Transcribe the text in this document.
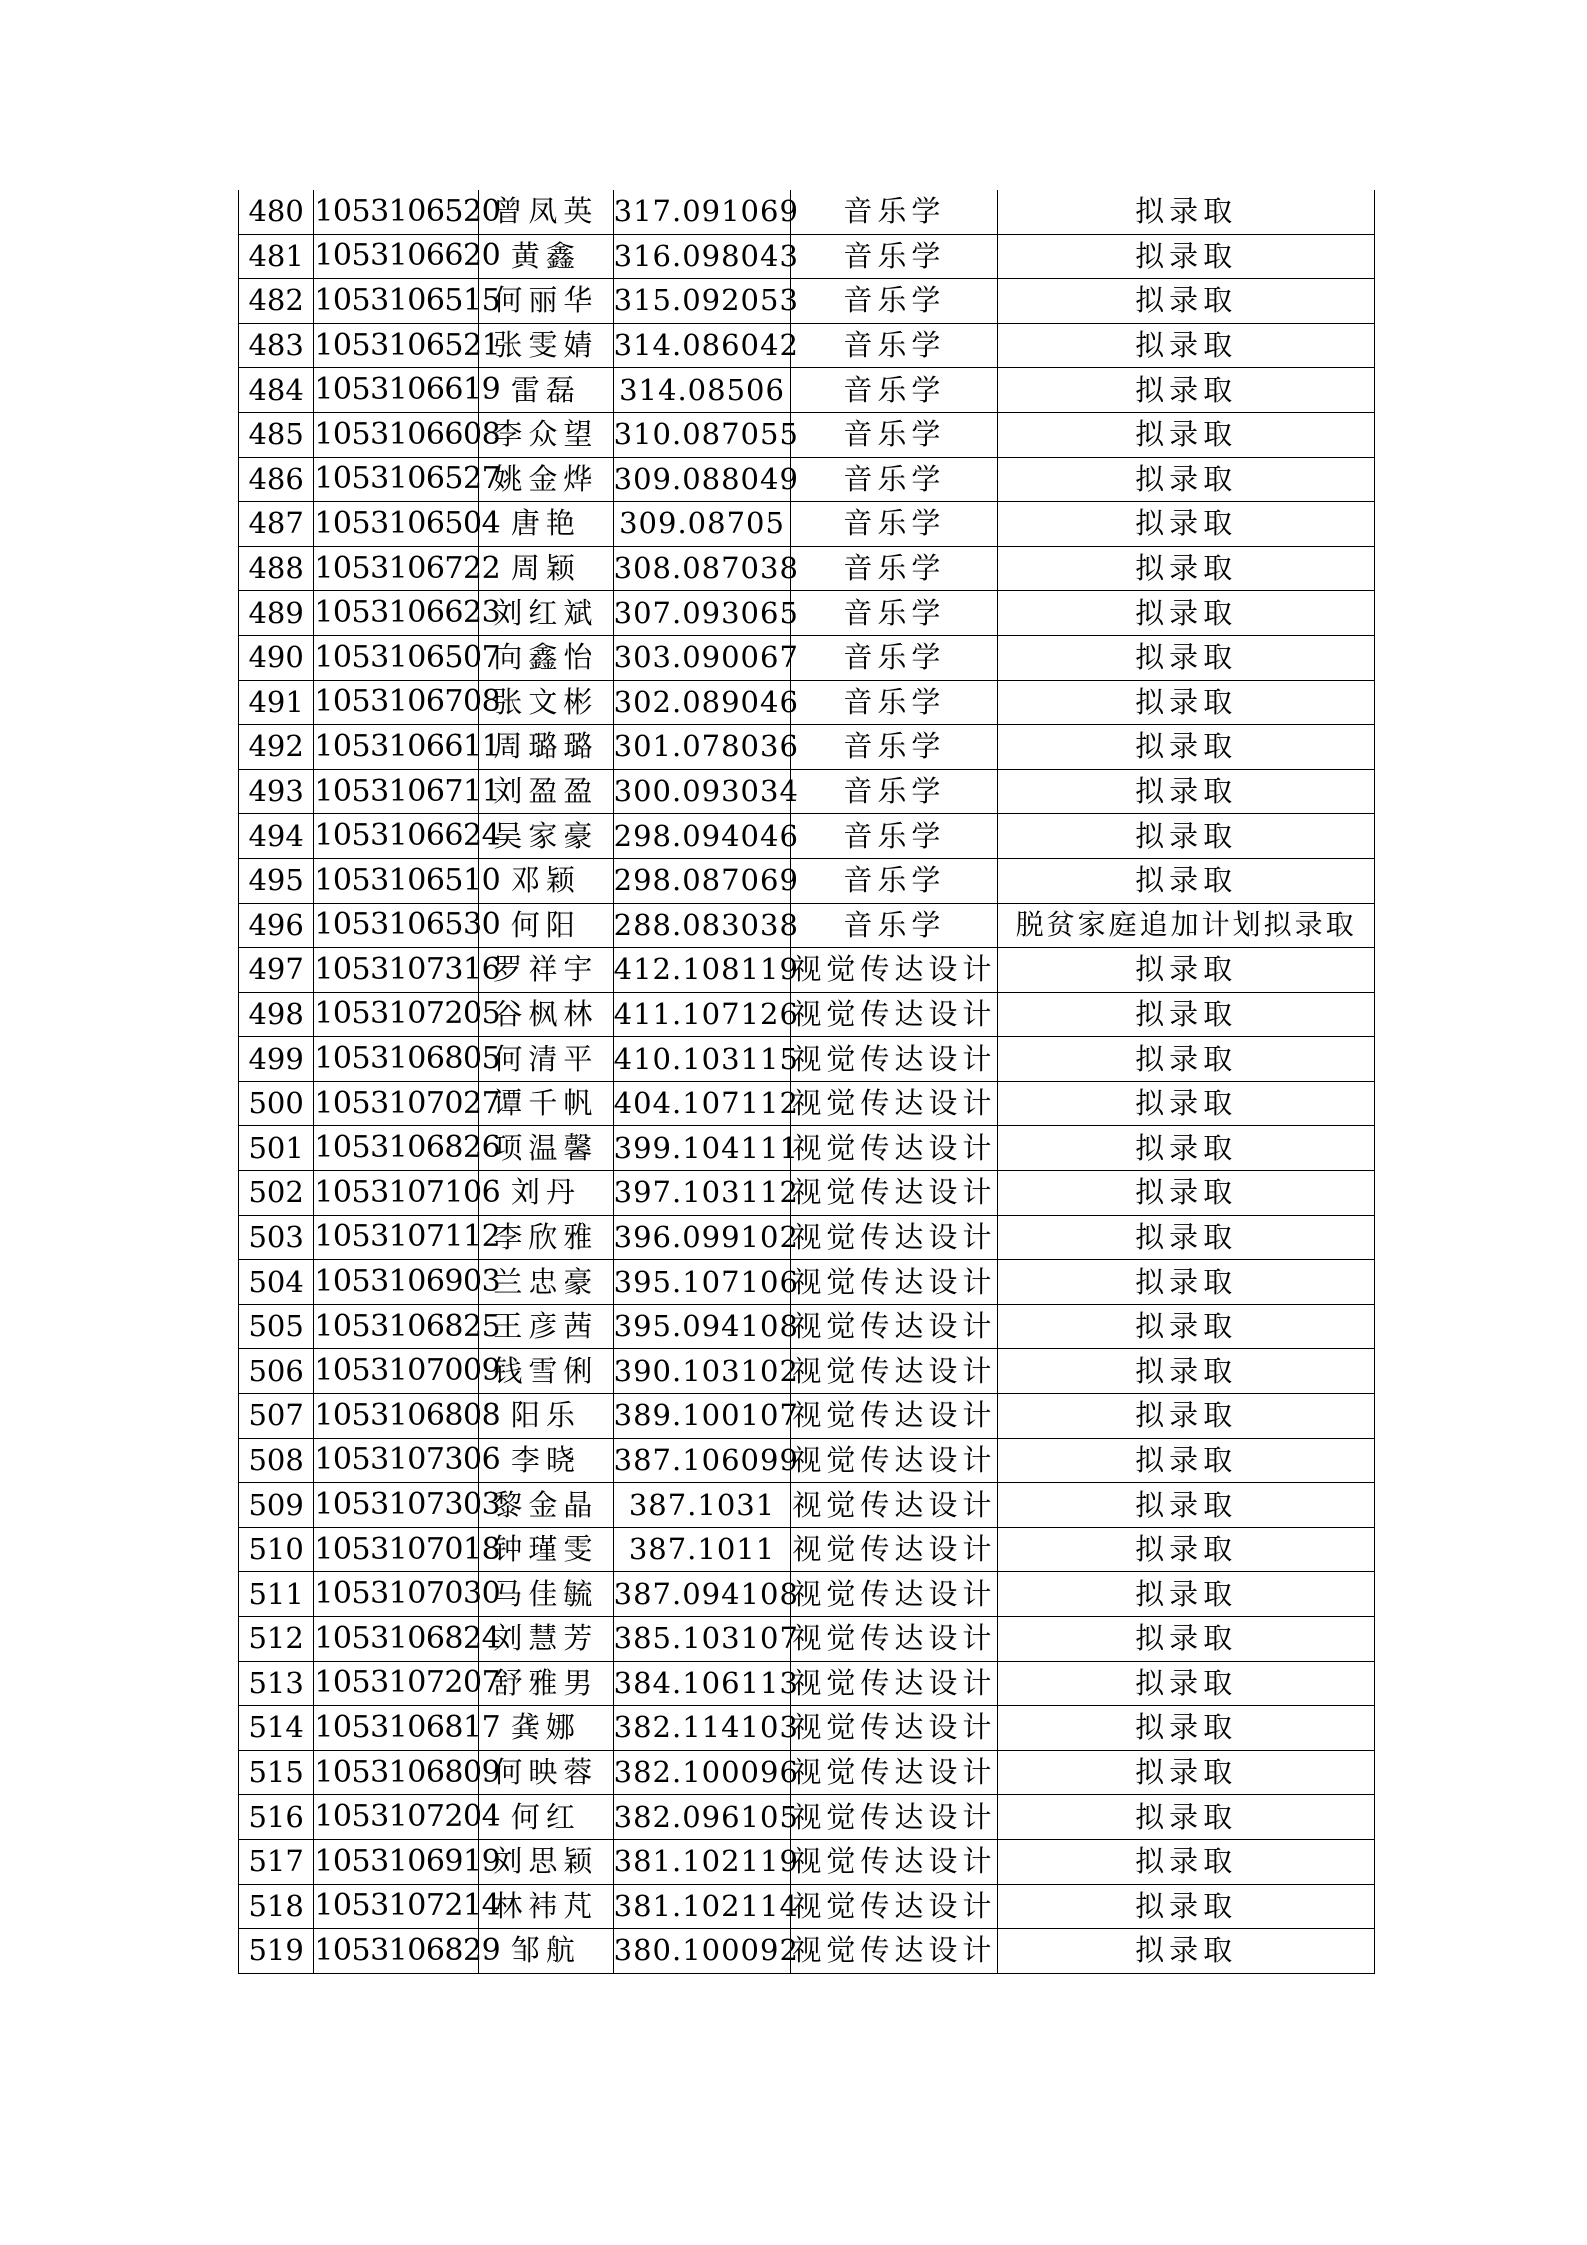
480	1053106520	曾凤英	317.091069	音乐学	拟录取
481	1053106620	黄鑫	316.098043	音乐学	拟录取
482	1053106515	何丽华	315.092053	音乐学	拟录取
483	1053106521	张雯婧	314.086042	音乐学	拟录取
484	1053106619	雷磊	314.08506	音乐学	拟录取
485	1053106608	李众望	310.087055	音乐学	拟录取
486	1053106527	姚金烨	309.088049	音乐学	拟录取
487	1053106504	唐艳	309.08705	音乐学	拟录取
488	1053106722	周颖	308.087038	音乐学	拟录取
489	1053106623	刘红斌	307.093065	音乐学	拟录取
490	1053106507	向鑫怡	303.090067	音乐学	拟录取
491	1053106708	张文彬	302.089046	音乐学	拟录取
492	1053106611	周璐璐	301.078036	音乐学	拟录取
493	1053106711	刘盈盈	300.093034	音乐学	拟录取
494	1053106624	吴家豪	298.094046	音乐学	拟录取
495	1053106510	邓颖	298.087069	音乐学	拟录取
496	1053106530	何阳	288.083038	音乐学	脱贫家庭追加计划拟录取
497	1053107316	罗祥宇	412.108119	视觉传达设计	拟录取
498	1053107205	谷枫林	411.107126	视觉传达设计	拟录取
499	1053106805	何清平	410.103115	视觉传达设计	拟录取
500	1053107027	谭千帆	404.107112	视觉传达设计	拟录取
501	1053106826	项温馨	399.104111	视觉传达设计	拟录取
502	1053107106	刘丹	397.103112	视觉传达设计	拟录取
503	1053107112	李欣雅	396.099102	视觉传达设计	拟录取
504	1053106903	兰忠豪	395.107106	视觉传达设计	拟录取
505	1053106825	王彦茜	395.094108	视觉传达设计	拟录取
506	1053107009	钱雪俐	390.103102	视觉传达设计	拟录取
507	1053106808	阳乐	389.100107	视觉传达设计	拟录取
508	1053107306	李晓	387.106099	视觉传达设计	拟录取
509	1053107303	黎金晶	387.1031	视觉传达设计	拟录取
510	1053107018	钟瑾雯	387.1011	视觉传达设计	拟录取
511	1053107030	马佳毓	387.094108	视觉传达设计	拟录取
512	1053106824	刘慧芳	385.103107	视觉传达设计	拟录取
513	1053107207	舒雅男	384.106113	视觉传达设计	拟录取
514	1053106817	龚娜	382.114103	视觉传达设计	拟录取
515	1053106809	何映蓉	382.100096	视觉传达设计	拟录取
516	1053107204	何红	382.096105	视觉传达设计	拟录取
517	1053106919	刘思颖	381.102119	视觉传达设计	拟录取
518	1053107214	林袆芃	381.102114	视觉传达设计	拟录取
519	1053106829	邹航	380.100092	视觉传达设计	拟录取
